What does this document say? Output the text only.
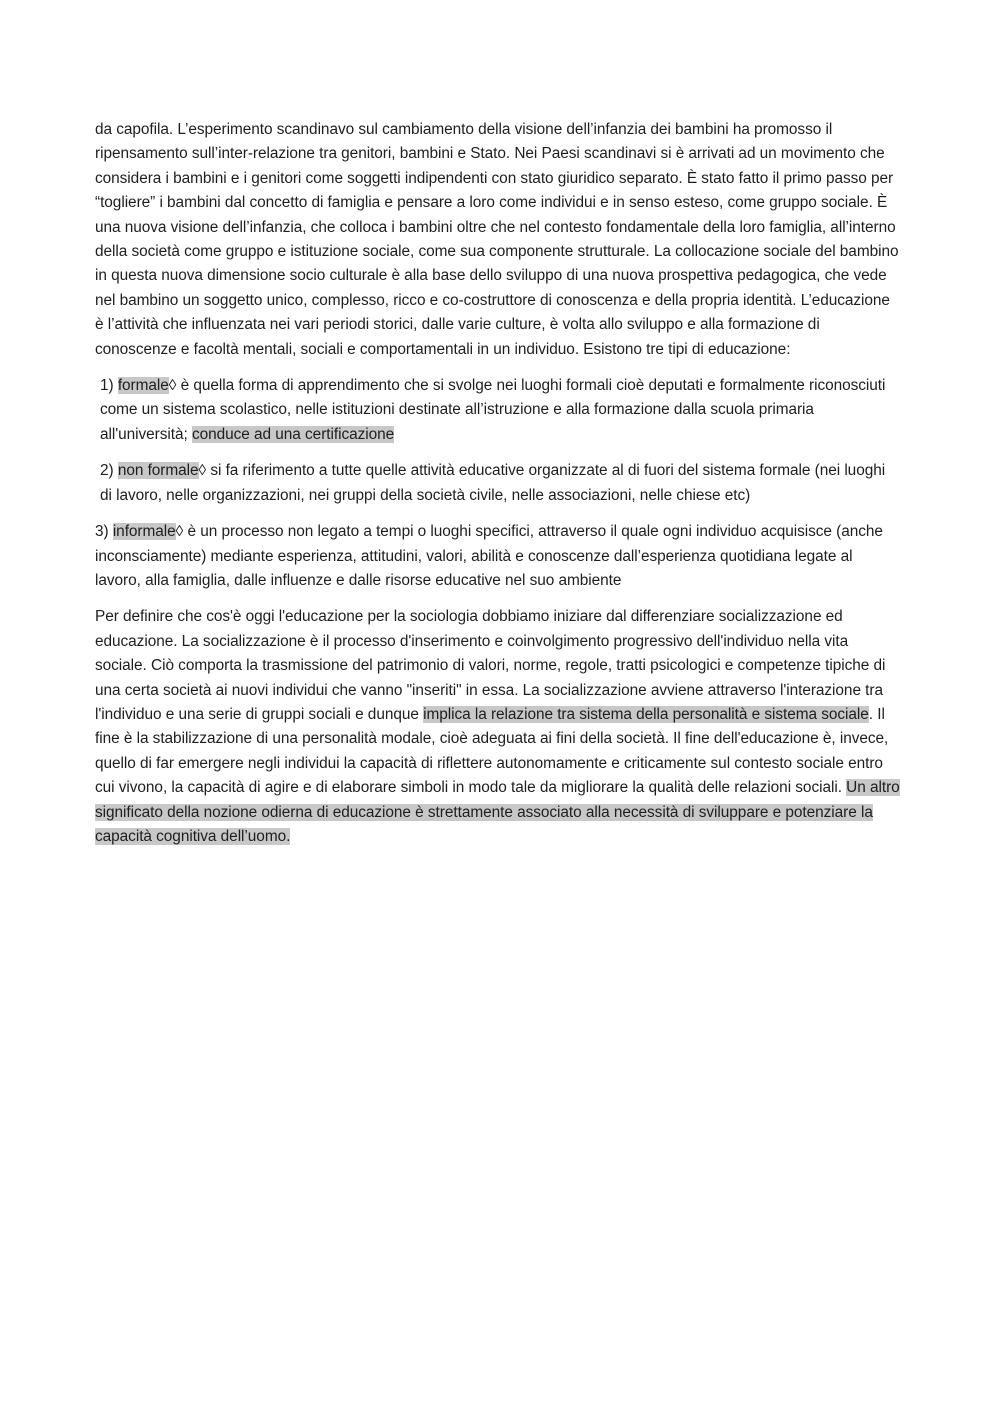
da capofila. L’esperimento scandinavo sul cambiamento della visione dell’infanzia dei bambini ha promosso il ripensamento sull’inter-relazione tra genitori, bambini e Stato. Nei Paesi scandinavi si è arrivati ad un movimento che considera i bambini e i genitori come soggetti indipendenti con stato giuridico separato. È stato fatto il primo passo per “togliere” i bambini dal concetto di famiglia e pensare a loro come individui e in senso esteso, come gruppo sociale. È una nuova visione dell’infanzia, che colloca i bambini oltre che nel contesto fondamentale della loro famiglia, all’interno della società come gruppo e istituzione sociale, come sua componente strutturale. La collocazione sociale del bambino in questa nuova dimensione socio culturale è alla base dello sviluppo di una nuova prospettiva pedagogica, che vede nel bambino un soggetto unico, complesso, ricco e co-costruttore di conoscenza e della propria identità. L’educazione è l’attività che influenzata nei vari periodi storici, dalle varie culture, è volta allo sviluppo e alla formazione di conoscenze e facoltà mentali, sociali e comportamentali in un individuo. Esistono tre tipi di educazione:

1) formale◊ è quella forma di apprendimento che si svolge nei luoghi formali cioè deputati e formalmente riconosciuti come un sistema scolastico, nelle istituzioni destinate all’istruzione e alla formazione dalla scuola primaria all'università; conduce ad una certificazione

2) non formale◊ si fa riferimento a tutte quelle attività educative organizzate al di fuori del sistema formale (nei luoghi di lavoro, nelle organizzazioni, nei gruppi della società civile, nelle associazioni, nelle chiese etc)

3) informale◊ è un processo non legato a tempi o luoghi specifici, attraverso il quale ogni individuo acquisisce (anche inconsciamente) mediante esperienza, attitudini, valori, abilità e conoscenze dall’esperienza quotidiana legate al lavoro, alla famiglia, dalle influenze e dalle risorse educative nel suo ambiente

Per definire che cos'è oggi l'educazione per la sociologia dobbiamo iniziare dal differenziare socializzazione ed educazione. La socializzazione è il processo d'inserimento e coinvolgimento progressivo dell'individuo nella vita sociale. Ciò comporta la trasmissione del patrimonio di valori, norme, regole, tratti psicologici e competenze tipiche di una certa società ai nuovi individui che vanno "inseriti" in essa. La socializzazione avviene attraverso l'interazione tra l'individuo e una serie di gruppi sociali e dunque implica la relazione tra sistema della personalità e sistema sociale. Il fine è la stabilizzazione di una personalità modale, cioè adeguata ai fini della società. Il fine dell'educazione è, invece, quello di far emergere negli individui la capacità di riflettere autonomamente e criticamente sul contesto sociale entro cui vivono, la capacità di agire e di elaborare simboli in modo tale da migliorare la qualità delle relazioni sociali. Un altro significato della nozione odierna di educazione è strettamente associato alla necessità di sviluppare e potenziare la capacità cognitiva dell’uomo.
